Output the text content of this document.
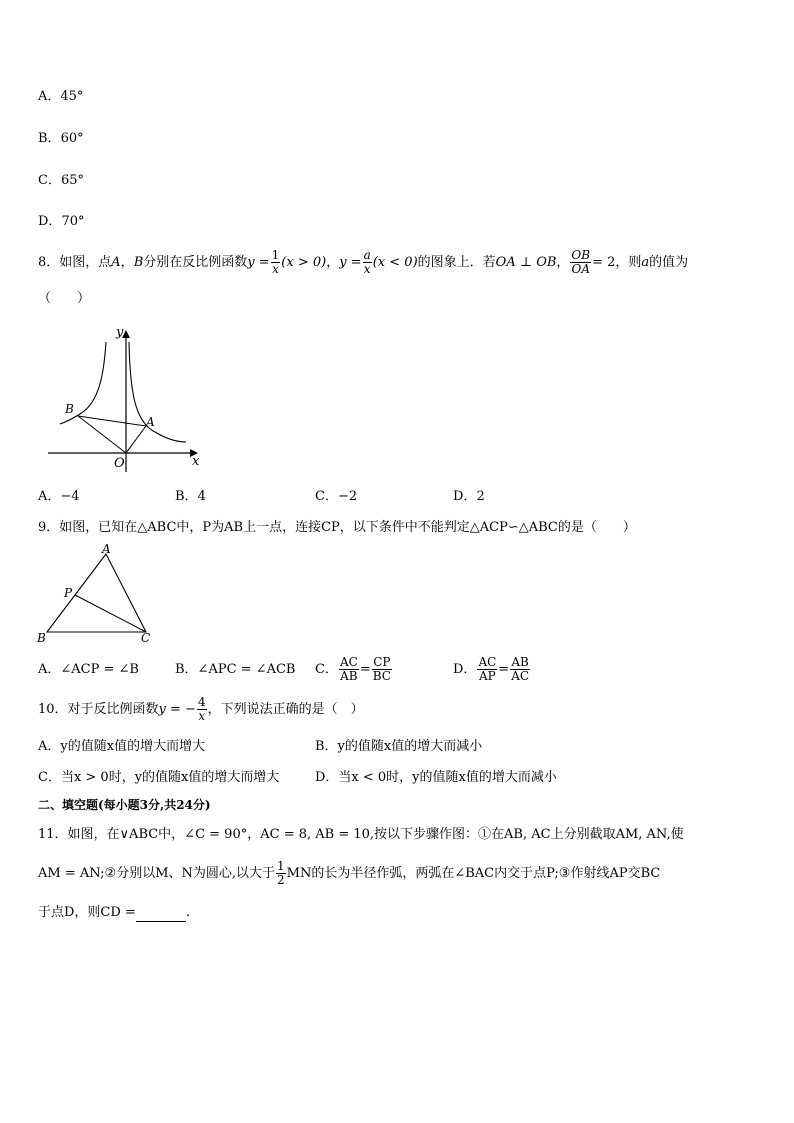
A．45°
B．60°
C．65°
D．70°
8．如图，点A，B分别在反比例函数$y = \frac{1}{x} (x > 0)$，$y = \frac{a}{x} (x < 0)$的图象上．若OA ⊥ OB， $\frac{OB}{OA} = 2$，则a的值为
（　　）
y
x
O
A
B
A．−4	B．4	C．−2	D．2
9．如图，已知在△ABC中，P为AB上一点，连接CP，以下条件中不能判定△ACP∽△ABC的是（　　）
A
B	C
P
A．∠ACP = ∠B	B．∠APC = ∠ACB C． $\frac{AC}{AB} = \frac{CP}{BC}$	D． $\frac{AC}{AP} = \frac{AB}{AC}$
10．对于反比例函数y = − $\frac{4}{x}$ ，下列说法正确的是（　）
A．y的值随x值的增大而增大	B．y的值随x值的增大而减小
C．当x > 0时，y的值随x值的增大而增大	D．当x < 0时，y的值随x值的增大而减小
二、填空题(每小题3分,共24分)
11．如图，在∨ABC中，∠C = 90°，AC = 8, AB = 10,按以下步骤作图：①在AB, AC上分别截取AM, AN,使
AM = AN;②分别以M、N为圆心,以大于 $\frac{1}{2}$ MN的长为半径作弧，两弧在∠BAC内交于点P;③作射线AP交BC
于点D，则CD =	.
